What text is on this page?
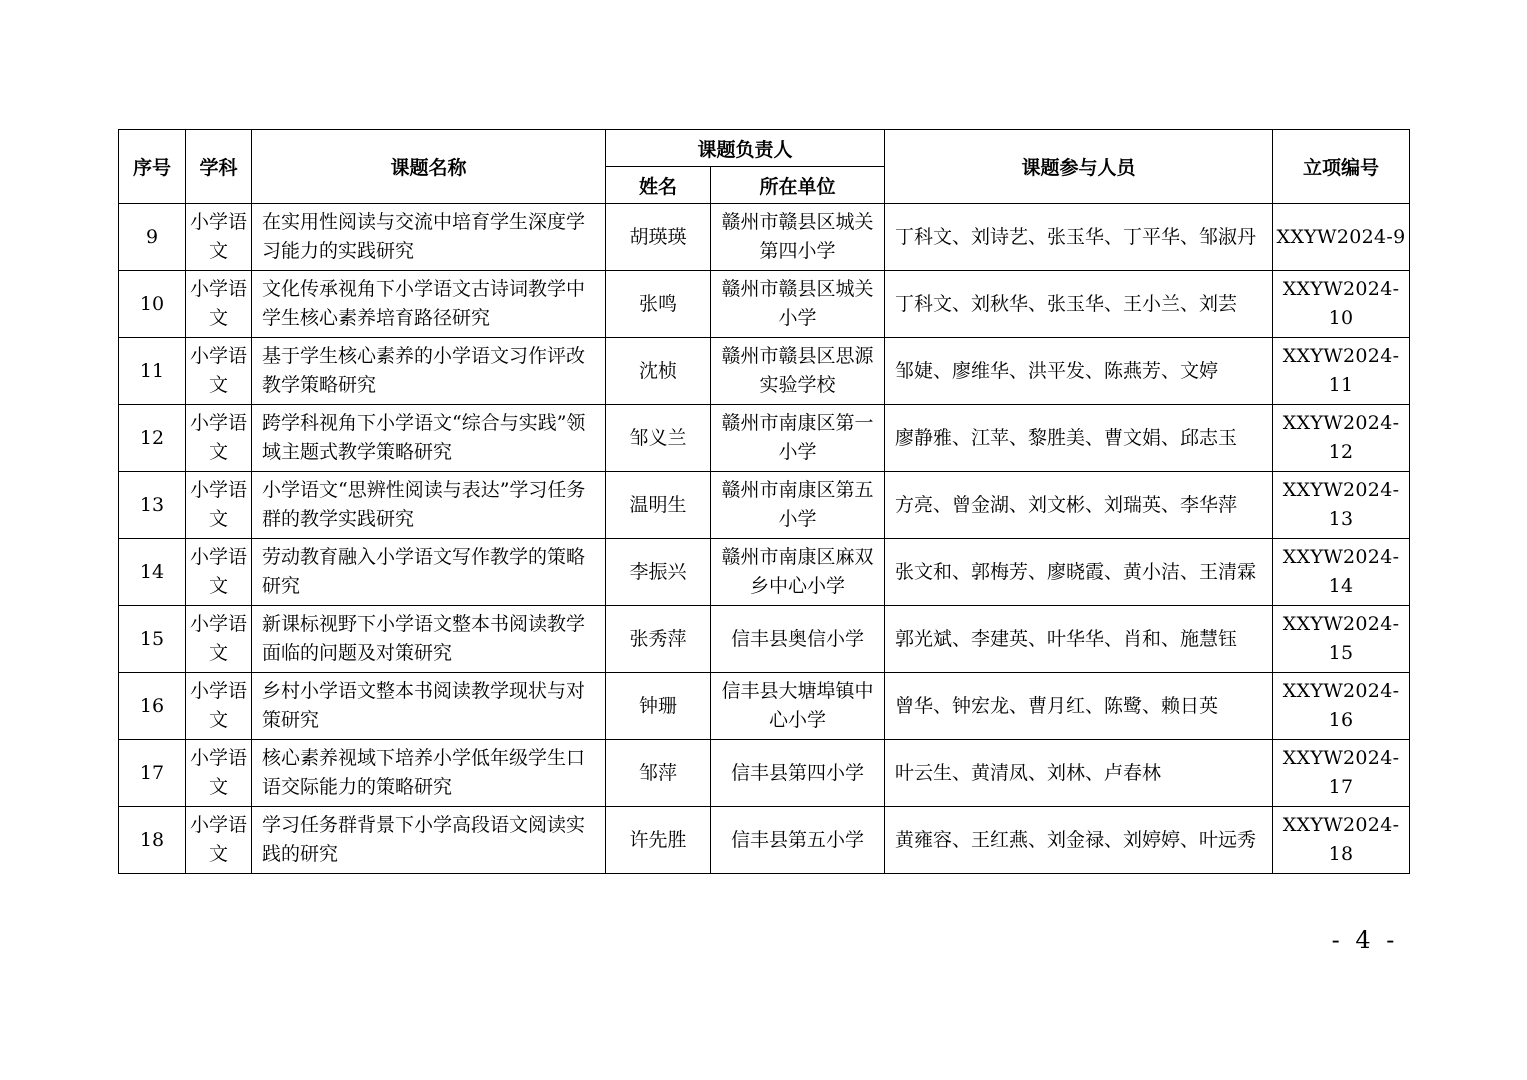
序号	学科	课题名称	课题负责人		课题参与人员	立项编号
			姓名	所在单位		
9	小学语文	在实用性阅读与交流中培育学生深度学习能力的实践研究	胡瑛瑛	赣州市赣县区城关第四小学	丁科文、刘诗艺、张玉华、丁平华、邹淑丹	XXYW2024-9
10	小学语文	文化传承视角下小学语文古诗词教学中学生核心素养培育路径研究	张鸣	赣州市赣县区城关小学	丁科文、刘秋华、张玉华、王小兰、刘芸	XXYW2024-10
11	小学语文	基于学生核心素养的小学语文习作评改教学策略研究	沈桢	赣州市赣县区思源实验学校	邹婕、廖维华、洪平发、陈燕芳、文婷	XXYW2024-11
12	小学语文	跨学科视角下小学语文“综合与实践”领域主题式教学策略研究	邹义兰	赣州市南康区第一小学	廖静雅、江苹、黎胜美、曹文娟、邱志玉	XXYW2024-12
13	小学语文	小学语文“思辨性阅读与表达”学习任务群的教学实践研究	温明生	赣州市南康区第五小学	方亮、曾金湖、刘文彬、刘瑞英、李华萍	XXYW2024-13
14	小学语文	劳动教育融入小学语文写作教学的策略研究	李振兴	赣州市南康区麻双乡中心小学	张文和、郭梅芳、廖晓霞、黄小洁、王清霖	XXYW2024-14
15	小学语文	新课标视野下小学语文整本书阅读教学面临的问题及对策研究	张秀萍	信丰县奥信小学	郭光斌、李建英、叶华华、肖和、施慧钰	XXYW2024-15
16	小学语文	乡村小学语文整本书阅读教学现状与对策研究	钟珊	信丰县大塘埠镇中心小学	曾华、钟宏龙、曹月红、陈鹭、赖日英	XXYW2024-16
17	小学语文	核心素养视域下培养小学低年级学生口语交际能力的策略研究	邹萍	信丰县第四小学	叶云生、黄清凤、刘林、卢春林	XXYW2024-17
18	小学语文	学习任务群背景下小学高段语文阅读实践的研究	许先胜	信丰县第五小学	黄雍容、王红燕、刘金禄、刘婷婷、叶远秀	XXYW2024-18
- 4 -
